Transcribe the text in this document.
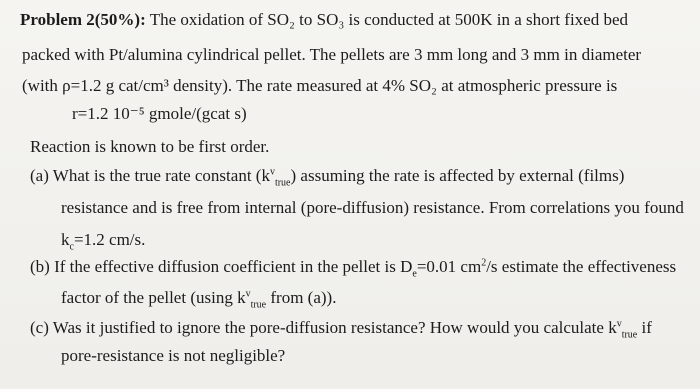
Problem 2(50%): The oxidation of SO₂ to SO₃ is conducted at 500K in a short fixed bed
packed with Pt/alumina cylindrical pellet. The pellets are 3 mm long and 3 mm in diameter
(with ρ=1.2 g cat/cm³ density). The rate measured at 4% SO₂ at atmospheric pressure is
r=1.2 10⁻⁵ gmole/(gcat s)
Reaction is known to be first order.
(a) What is the true rate constant $(k^v_{true})$ assuming the rate is affected by external (films)
resistance and is free from internal (pore-diffusion) resistance. From correlations you found
$k_c=1.2$ cm/s.
(b) If the effective diffusion coefficient in the pellet is $D_e=0.01$ $cm^2/s$ estimate the effectiveness
factor of the pellet (using $k^v_{true}$ from (a)).
(c) Was it justified to ignore the pore-diffusion resistance? How would you calculate $k^v_{true}$ if
pore-resistance is not negligible?
